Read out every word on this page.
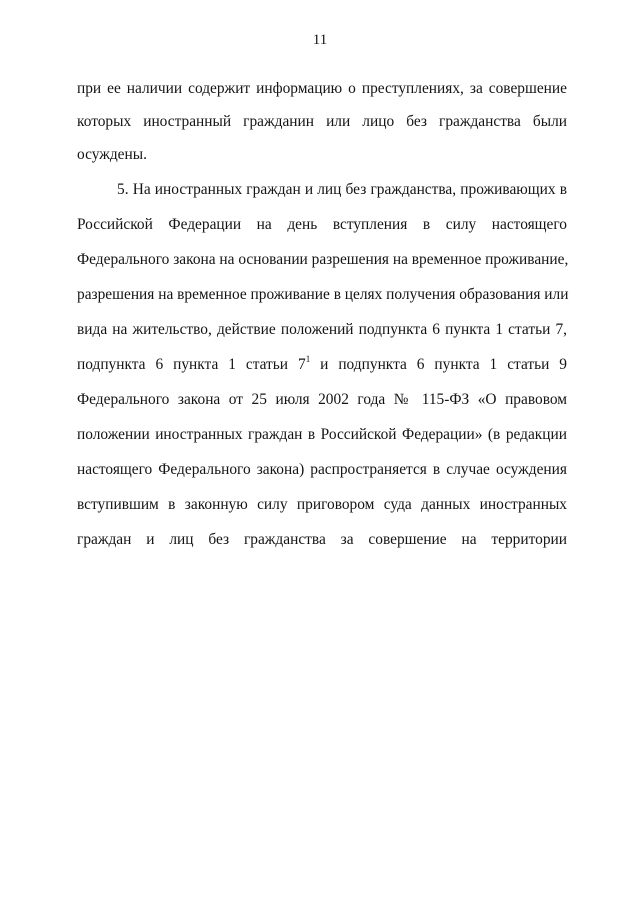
11
при ее наличии содержит информацию о преступлениях, за совершение
которых иностранный гражданин или лицо без гражданства были
осуждены.
5. На иностранных граждан и лиц без гражданства, проживающих в
Российской Федерации на день вступления в силу настоящего
Федерального закона на основании разрешения на временное проживание,
разрешения на временное проживание в целях получения образования или
вида на жительство, действие положений подпункта 6 пункта 1 статьи 7,
подпункта 6 пункта 1 статьи $7^1$ и подпункта 6 пункта 1 статьи 9
Федерального закона от 25 июля 2002 года № 115-ФЗ «О правовом
положении иностранных граждан в Российской Федерации» (в редакции
настоящего Федерального закона) распространяется в случае осуждения
вступившим в законную силу приговором суда данных иностранных
граждан и лиц без гражданства за совершение на территории
